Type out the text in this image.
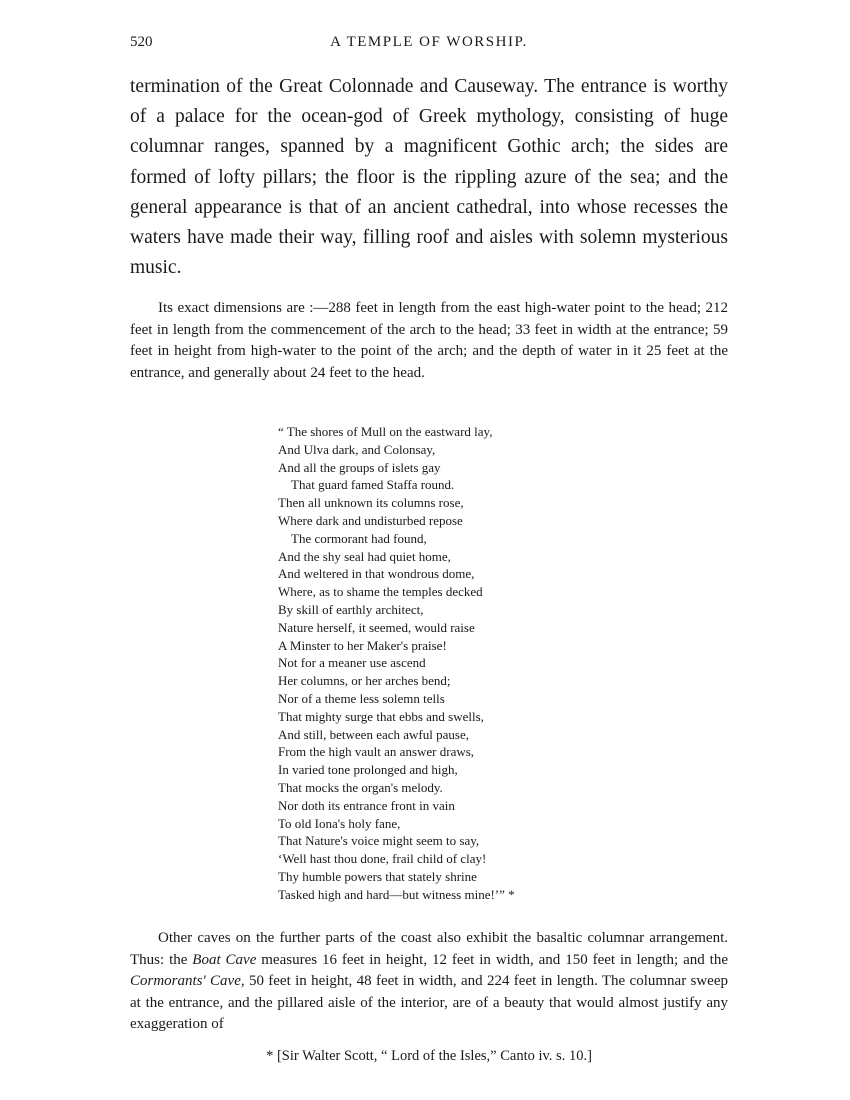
520	A TEMPLE OF WORSHIP.

termination of the Great Colonnade and Causeway. The entrance is worthy of a palace for the ocean-god of Greek mythology, consisting of huge columnar ranges, spanned by a magnificent Gothic arch; the sides are formed of lofty pillars; the floor is the rippling azure of the sea; and the general appearance is that of an ancient cathedral, into whose recesses the waters have made their way, filling roof and aisles with solemn mysterious music.

Its exact dimensions are :—288 feet in length from the east high-water point to the head; 212 feet in length from the commencement of the arch to the head; 33 feet in width at the entrance; 59 feet in height from high-water to the point of the arch; and the depth of water in it 25 feet at the entrance, and generally about 24 feet to the head.

“ The shores of Mull on the eastward lay,
And Ulva dark, and Colonsay,
And all the groups of islets gay
That guard famed Staffa round.
Then all unknown its columns rose,
Where dark and undisturbed repose
The cormorant had found,
And the shy seal had quiet home,
And weltered in that wondrous dome,
Where, as to shame the temples decked
By skill of earthly architect,
Nature herself, it seemed, would raise
A Minster to her Maker's praise!
Not for a meaner use ascend
Her columns, or her arches bend;
Nor of a theme less solemn tells
That mighty surge that ebbs and swells,
And still, between each awful pause,
From the high vault an answer draws,
In varied tone prolonged and high,
That mocks the organ's melody.
Nor doth its entrance front in vain
To old Iona's holy fane,
That Nature's voice might seem to say,
‘Well hast thou done, frail child of clay!
Thy humble powers that stately shrine
Tasked high and hard—but witness mine!’” *

Other caves on the further parts of the coast also exhibit the basaltic columnar arrangement. Thus: the Boat Cave measures 16 feet in height, 12 feet in width, and 150 feet in length; and the Cormorants' Cave, 50 feet in height, 48 feet in width, and 224 feet in length. The columnar sweep at the entrance, and the pillared aisle of the interior, are of a beauty that would almost justify any exaggeration of

* [Sir Walter Scott, “ Lord of the Isles,” Canto iv. s. 10.]
